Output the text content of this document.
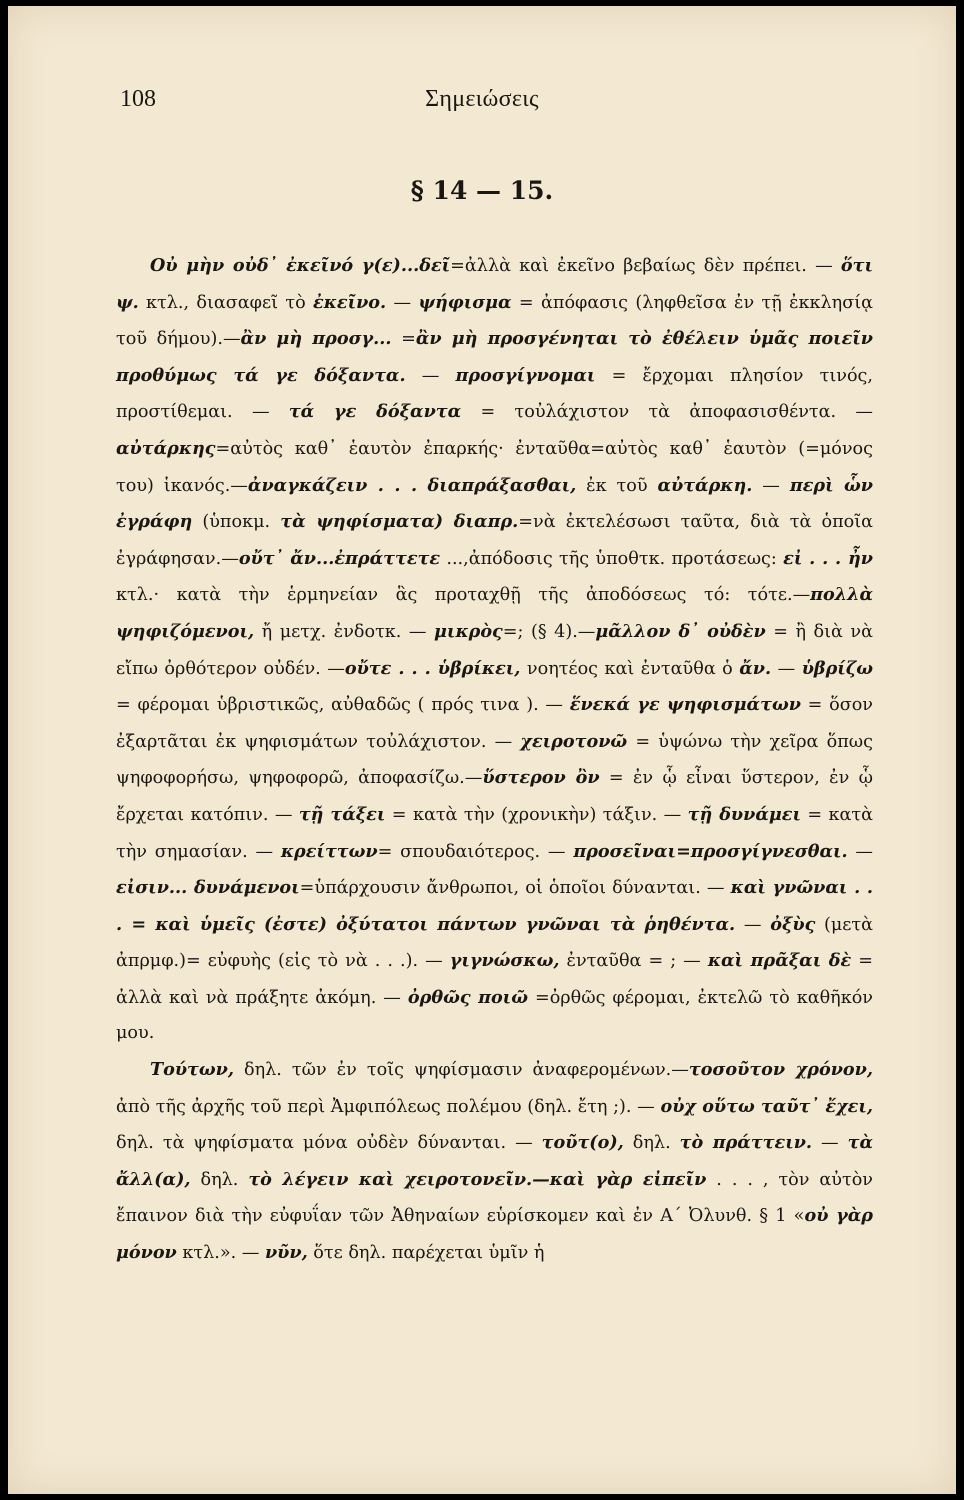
108	Σημειώσεις
§ 14 — 15.

Οὐ μὴν οὐδ᾽ ἐκεῖνό γ(ε)...δεῖ=ἀλλὰ καὶ ἐκεῖνο βεβαίως δὲν πρέπει. — ὅτι ψ. κτλ., διασαφεῖ τὸ ἐκεῖνο. — ψήφισμα = ἀπόφασις (ληφθεῖσα ἐν τῇ ἐκκλησίᾳ τοῦ δήμου).—ἂν μὴ προσγ... =ἂν μὴ προσγένηται τὸ ἐθέλειν ὑμᾶς ποιεῖν προθύμως τά γε δόξαντα. — προσγίγνομαι = ἔρχομαι πλησίον τινός, προστίθεμαι. — τά γε δόξαντα = τοὐλάχιστον τὰ ἀποφασισθέντα. — αὐτάρκης=αὐτὸς καθ᾽ ἑαυτὸν ἐπαρκής· ἐνταῦθα=αὐτὸς καθ᾽ ἑαυτὸν (=μόνος του) ἱκανός.—ἀναγκάζειν . . . διαπράξασθαι, ἐκ τοῦ αὐτάρκη. — περὶ ὧν ἐγράφη (ὑποκμ. τὰ ψηφίσματα) διαπρ.=νὰ ἐκτελέσωσι ταῦτα, διὰ τὰ ὁποῖα ἐγράφησαν.—οὔτ᾽ ἄν...ἐπράττετε ...,ἀπόδοσις τῆς ὑποθτκ. προτάσεως: εἰ . . . ἦν κτλ.· κατὰ τὴν ἑρμηνείαν ἃς προταχθῇ τῆς ἀποδόσεως τό: τότε.—πολλὰ ψηφιζόμενοι, ἤ μετχ. ἐνδοτκ. — μικρὸς=; (§ 4).—μᾶλλον δ᾽ οὐδὲν = ἢ διὰ νὰ εἴπω ὀρθότερον οὐδέν. —οὔτε . . . ὑβρίκει, νοητέος καὶ ἐνταῦθα ὁ ἄν. — ὑβρίζω = φέρομαι ὑβριστικῶς, αὐθαδῶς ( πρός τινα ). — ἕνεκά γε ψηφισμάτων = ὅσον ἐξαρτᾶται ἐκ ψηφισμάτων τοὐλάχιστον. — χειροτονῶ = ὑψώνω τὴν χεῖρα ὅπως ψηφοφορήσω, ψηφοφορῶ, ἀποφασίζω.—ὕστερον ὂν = ἐν ᾧ εἶναι ὕστερον, ἐν ᾧ ἔρχεται κατόπιν. — τῇ τάξει = κατὰ τὴν (χρονικὴν) τάξιν. — τῇ δυνάμει = κατὰ τὴν σημασίαν. — κρείττων= σπουδαιότερος. — προσεῖναι=προσγίγνεσθαι. — εἰσιν... δυνάμενοι=ὑπάρχουσιν ἄνθρωποι, οἱ ὁποῖοι δύνανται. — καὶ γνῶναι . . . = καὶ ὑμεῖς (ἐστε) ὀξύτατοι πάντων γνῶναι τὰ ῥηθέντα. — ὀξὺς (μετὰ ἀπρμφ.)= εὐφυὴς (εἰς τὸ νὰ . . .). — γιγνώσκω, ἐνταῦθα = ; — καὶ πρᾶξαι δὲ = ἀλλὰ καὶ νὰ πράξητε ἀκόμη. — ὀρθῶς ποιῶ =ὀρθῶς φέρομαι, ἐκτελῶ τὸ καθῆκόν μου.

Τούτων, δηλ. τῶν ἐν τοῖς ψηφίσμασιν ἀναφερομένων.—τοσοῦτον χρόνον, ἀπὸ τῆς ἀρχῆς τοῦ περὶ Ἀμφιπόλεως πολέμου (δηλ. ἔτη ;). — οὐχ οὕτω ταῦτ᾽ ἔχει, δηλ. τὰ ψηφίσματα μόνα οὐδὲν δύνανται. — τοῦτ(ο), δηλ. τὸ πράττειν. — τὰ ἄλλ(α), δηλ. τὸ λέγειν καὶ χειροτονεῖν.—καὶ γὰρ εἰπεῖν . . . , τὸν αὐτὸν ἔπαινον διὰ τὴν εὐφυΐαν τῶν Ἀθηναίων εὑρίσκομεν καὶ ἐν Α΄ Ὀλυνθ. § 1 «οὐ γὰρ μόνον κτλ.». — νῦν, ὅτε δηλ. παρέχεται ὑμῖν ἡ
